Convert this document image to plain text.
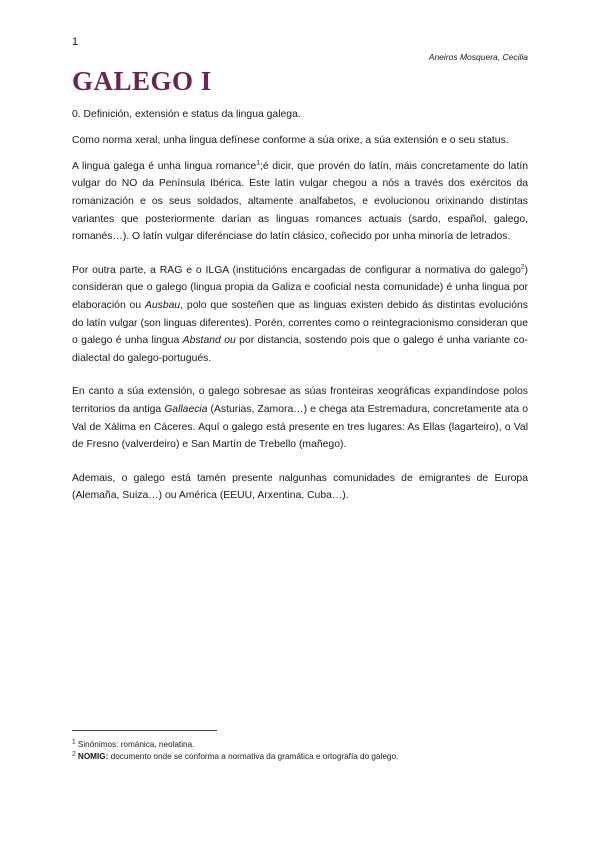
1
Aneiros Mosquera, Cecilia
GALEGO I

0. Definición, extensión e status da lingua galega.

Como norma xeral, unha lingua defínese conforme a súa orixe, a súa extensión e o seu status.

A lingua galega é unha lingua romance$^1$;é dicir, que provén do latín, máis concretamente do latín vulgar do NO da Península Ibérica. Este latín vulgar chegou a nós a través dos exércitos da romanización e os seus soldados, altamente analfabetos, e evolucionou orixinando distintas variantes que posteriormente darían as linguas romances actuais (sardo, español, galego, romanés…). O latín vulgar diferénciase do latín clásico, coñecido por unha minoría de letrados.

Por outra parte, a RAG e o ILGA (institucións encargadas de configurar a normativa do galego$^2$) consideran que o galego (lingua propia da Galiza e cooficial nesta comunidade) é unha lingua por elaboración ou Ausbau, polo que sosteñen que as linguas existen debido ás distintas evolucións do latín vulgar (son linguas diferentes). Porén, correntes como o reintegracionismo consideran que o galego é unha lingua Abstand ou por distancia, sostendo pois que o galego é unha variante co-dialectal do galego-portugués.

En canto a súa extensión, o galego sobresae as súas fronteiras xeográficas expandíndose polos territorios da antiga Gallaecia (Asturias, Zamora…) e chega ata Estremadura, concretamente ata o Val de Xálima en Cáceres. Aquí o galego está presente en tres lugares: As Ellas (lagarteiro), o Val de Fresno (valverdeiro) e San Martín de Trebello (mañego).

Ademais, o galego está tamén presente nalgunhas comunidades de emigrantes de Europa (Alemaña, Suiza…) ou América (EEUU, Arxentina, Cuba…).

$^1$ Sinónimos: románica, neolatina.
$^2$ NOMIG: documento onde se conforma a normativa da gramática e ortografía do galego.
